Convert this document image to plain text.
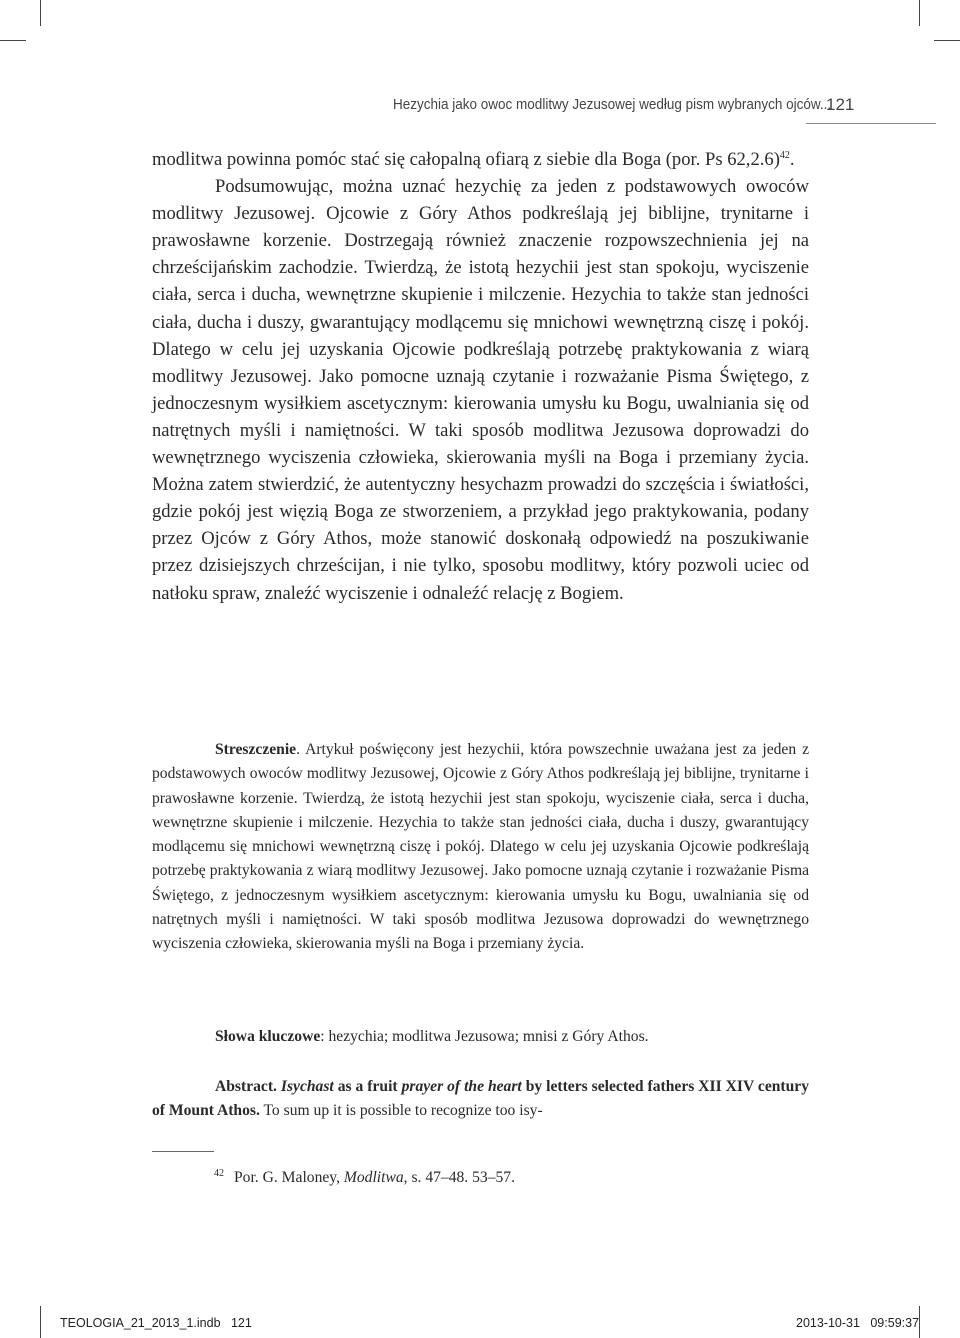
Hezychia jako owoc modlitwy Jezusowej według pism wybranych ojców...
121

modlitwa powinna pomóc stać się całopalną ofiarą z siebie dla Boga (por. Ps 62,2.6)$^{42}$.

Podsumowując, można uznać hezychię za jeden z podstawowych owoców modlitwy Jezusowej. Ojcowie z Góry Athos podkreślają jej biblijne, trynitarne i prawosławne korzenie. Dostrzegają również znaczenie rozpowszechnienia jej na chrześcijańskim zachodzie. Twierdzą, że istotą hezychii jest stan spokoju, wyciszenie ciała, serca i ducha, wewnętrzne skupienie i milczenie. Hezychia to także stan jedności ciała, ducha i duszy, gwarantujący modlącemu się mnichowi wewnętrzną ciszę i pokój. Dlatego w celu jej uzyskania Ojcowie podkreślają potrzebę praktykowania z wiarą modlitwy Jezusowej. Jako pomocne uznają czytanie i rozważanie Pisma Świętego, z jednoczesnym wysiłkiem ascetycznym: kierowania umysłu ku Bogu, uwalniania się od natrętnych myśli i namiętności. W taki sposób modlitwa Jezusowa doprowadzi do wewnętrznego wyciszenia człowieka, skierowania myśli na Boga i przemiany życia. Można zatem stwierdzić, że autentyczny hesychazm prowadzi do szczęścia i światłości, gdzie pokój jest więzią Boga ze stworzeniem, a przykład jego praktykowania, podany przez Ojców z Góry Athos, może stanowić doskonałą odpowiedź na poszukiwanie przez dzisiejszych chrześcijan, i nie tylko, sposobu modlitwy, który pozwoli uciec od natłoku spraw, znaleźć wyciszenie i odnaleźć relację z Bogiem.

Streszczenie. Artykuł poświęcony jest hezychii, która powszechnie uważana jest za jeden z podstawowych owoców modlitwy Jezusowej, Ojcowie z Góry Athos podkreślają jej biblijne, trynitarne i prawosławne korzenie. Twierdzą, że istotą hezychii jest stan spokoju, wyciszenie ciała, serca i ducha, wewnętrzne skupienie i milczenie. Hezychia to także stan jedności ciała, ducha i duszy, gwarantujący modlącemu się mnichowi wewnętrzną ciszę i pokój. Dlatego w celu jej uzyskania Ojcowie podkreślają potrzebę praktykowania z wiarą modlitwy Jezusowej. Jako pomocne uznają czytanie i rozważanie Pisma Świętego, z jednoczesnym wysiłkiem ascetycznym: kierowania umysłu ku Bogu, uwalniania się od natrętnych myśli i namiętności. W taki sposób modlitwa Jezusowa doprowadzi do wewnętrznego wyciszenia człowieka, skierowania myśli na Boga i przemiany życia.

Słowa kluczowe: hezychia; modlitwa Jezusowa; mnisi z Góry Athos.

Abstract. Isychast as a fruit prayer of the heart by letters selected fathers XII XIV century of Mount Athos. To sum up it is possible to recognize too isy-

$^{42}$ Por. G. Maloney, Modlitwa, s. 47–48. 53–57.
TEOLOGIA_21_2013_1.indb   121	2013-10-31   09:59:37
